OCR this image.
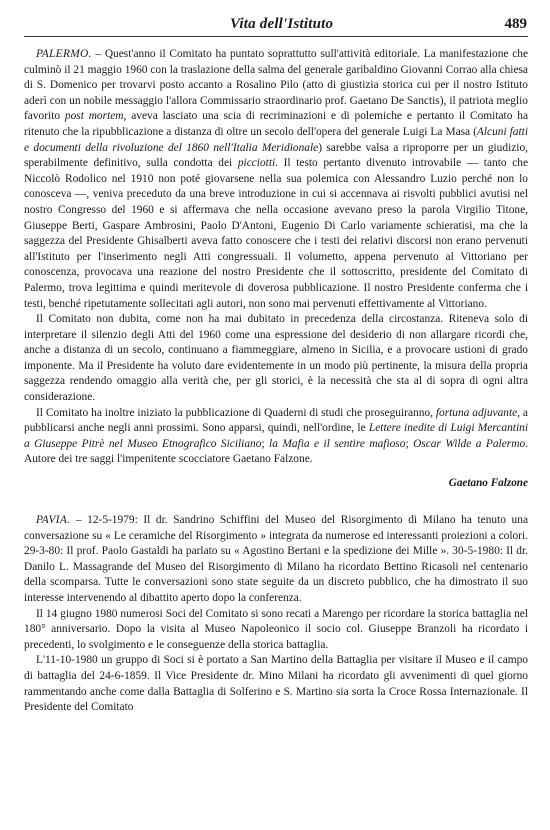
Vita dell'Istituto	489

PALERMO. – Quest'anno il Comitato ha puntato soprattutto sull'attività editoriale. La manifestazione che culminò il 21 maggio 1960 con la traslazione della salma del generale garibaldino Giovanni Corrao alla chiesa di S. Domenico per trovarvi posto accanto a Rosalino Pilo (atto di giustizia storica cui per il nostro Istituto aderì con un nobile messaggio l'allora Commissario straordinario prof. Gaetano De Sanctis), il patriota meglio favorito post mortem, aveva lasciato una scia di recriminazioni e di polemiche e pertanto il Comitato ha ritenuto che la ripubblicazione a distanza di oltre un secolo dell'opera del generale Luigi La Masa (Alcuni fatti e documenti della rivoluzione del 1860 nell'Italia Meridionale) sarebbe valsa a riproporre per un giudizio, sperabilmente definitivo, sulla condotta dei picciotti. Il testo pertanto divenuto introvabile — tanto che Niccolò Rodolico nel 1910 non poté giovarsene nella sua polemica con Alessandro Luzio perché non lo conosceva —, veniva preceduto da una breve introduzione in cui si accennava ai risvolti pubblici avutisi nel nostro Congresso del 1960 e si affermava che nella occasione avevano preso la parola Virgilio Titone, Giuseppe Berti, Gaspare Ambrosini, Paolo D'Antoni, Eugenio Di Carlo variamente schieratisi, ma che la saggezza del Presidente Ghisalberti aveva fatto conoscere che i testi dei relativi discorsi non erano pervenuti all'Istituto per l'inserimento negli Atti congressuali. Il volumetto, appena pervenuto al Vittoriano per conoscenza, provocava una reazione del nostro Presidente che il sottoscritto, presidente del Comitato di Palermo, trova legittima e quindi meritevole di doverosa pubblicazione. Il nostro Presidente conferma che i testi, benché ripetutamente sollecitati agli autori, non sono mai pervenuti effettivamente al Vittoriano.

Il Comitato non dubita, come non ha mai dubitato in precedenza della circostanza. Riteneva solo di interpretare il silenzio degli Atti del 1960 come una espressione del desiderio di non allargare ricordi che, anche a distanza di un secolo, continuano a fiammeggiare, almeno in Sicilia, e a provocare ustioni di grado imponente. Ma il Presidente ha voluto dare evidentemente in un modo più pertinente, la misura della propria saggezza rendendo omaggio alla verità che, per gli storici, è la necessità che sta al di sopra di ogni altra considerazione.

Il Comitato ha inoltre iniziato la pubblicazione di Quaderni di studi che proseguiranno, fortuna adjuvante, a pubblicarsi anche negli anni prossimi. Sono apparsi, quindi, nell'ordine, le Lettere inedite di Luigi Mercantini a Giuseppe Pitrè nel Museo Etnografico Siciliano; la Mafia e il sentire mafioso; Oscar Wilde a Palermo. Autore dei tre saggi l'impenitente scocciatore Gaetano Falzone.

Gaetano Falzone

PAVIA. – 12-5-1979: Il dr. Sandrino Schiffini del Museo del Risorgimento di Milano ha tenuto una conversazione su « Le ceramiche del Risorgimento » integrata da numerose ed interessanti proiezioni a colori. 29-3-80: Il prof. Paolo Gastaldi ha parlato su « Agostino Bertani e la spedizione dei Mille ». 30-5-1980: Il dr. Danilo L. Massagrande del Museo del Risorgimento di Milano ha ricordato Bettino Ricasoli nel centenario della scomparsa. Tutte le conversazioni sono state seguite da un discreto pubblico, che ha dimostrato il suo interesse intervenendo al dibattito aperto dopo la conferenza.

Il 14 giugno 1980 numerosi Soci del Comitato si sono recati a Marengo per ricordare la storica battaglia nel 180° anniversario. Dopo la visita al Museo Napoleonico il socio col. Giuseppe Branzoli ha ricordato i precedenti, lo svolgimento e le conseguenze della storica battaglia.

L'11-10-1980 un gruppo di Soci si è portato a San Martino della Battaglia per visitare il Museo e il campo di battaglia del 24-6-1859. Il Vice Presidente dr. Mino Milani ha ricordato gli avvenimenti di quel giorno rammentando anche come dalla Battaglia di Solferino e S. Martino sia sorta la Croce Rossa Internazionale. Il Presidente del Comitato
